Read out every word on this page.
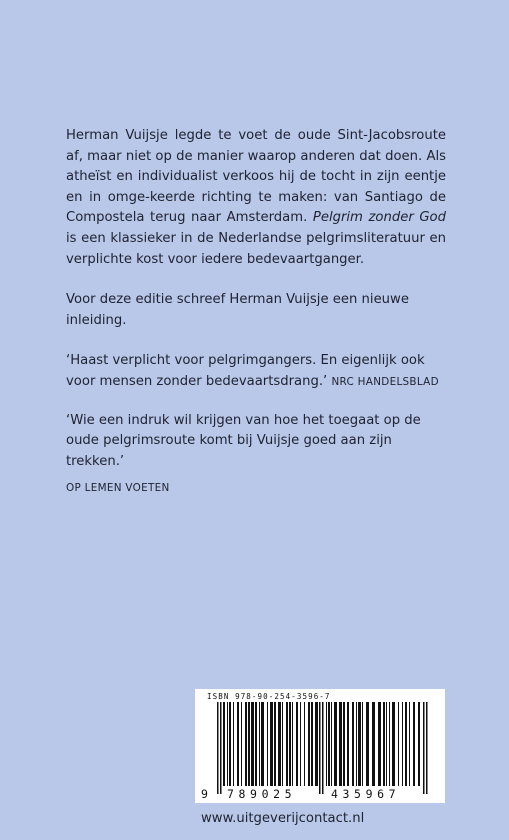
Herman Vuijsje legde te voet de oude Sint-Jacobsroute af, maar niet op de manier waarop anderen dat doen. Als atheïst en individualist verkoos hij de tocht in zijn eentje en in omge-keerde richting te maken: van Santiago de Compostela terug naar Amsterdam. Pelgrim zonder God is een klassieker in de Nederlandse pelgrimsliteratuur en verplichte kost voor iedere bedevaartganger.

Voor deze editie schreef Herman Vuijsje een nieuwe inleiding.

‘Haast verplicht voor pelgrimgangers. En eigenlijk ook voor mensen zonder bedevaartsdrang.’ NRC HANDELSBLAD

‘Wie een indruk wil krijgen van hoe het toegaat op de oude pelgrimsroute komt bij Vuijsje goed aan zijn trekken.’

OP LEMEN VOETEN
ISBN 978-90-254-3596-7
9 789025	435967
www.uitgeverijcontact.nl
